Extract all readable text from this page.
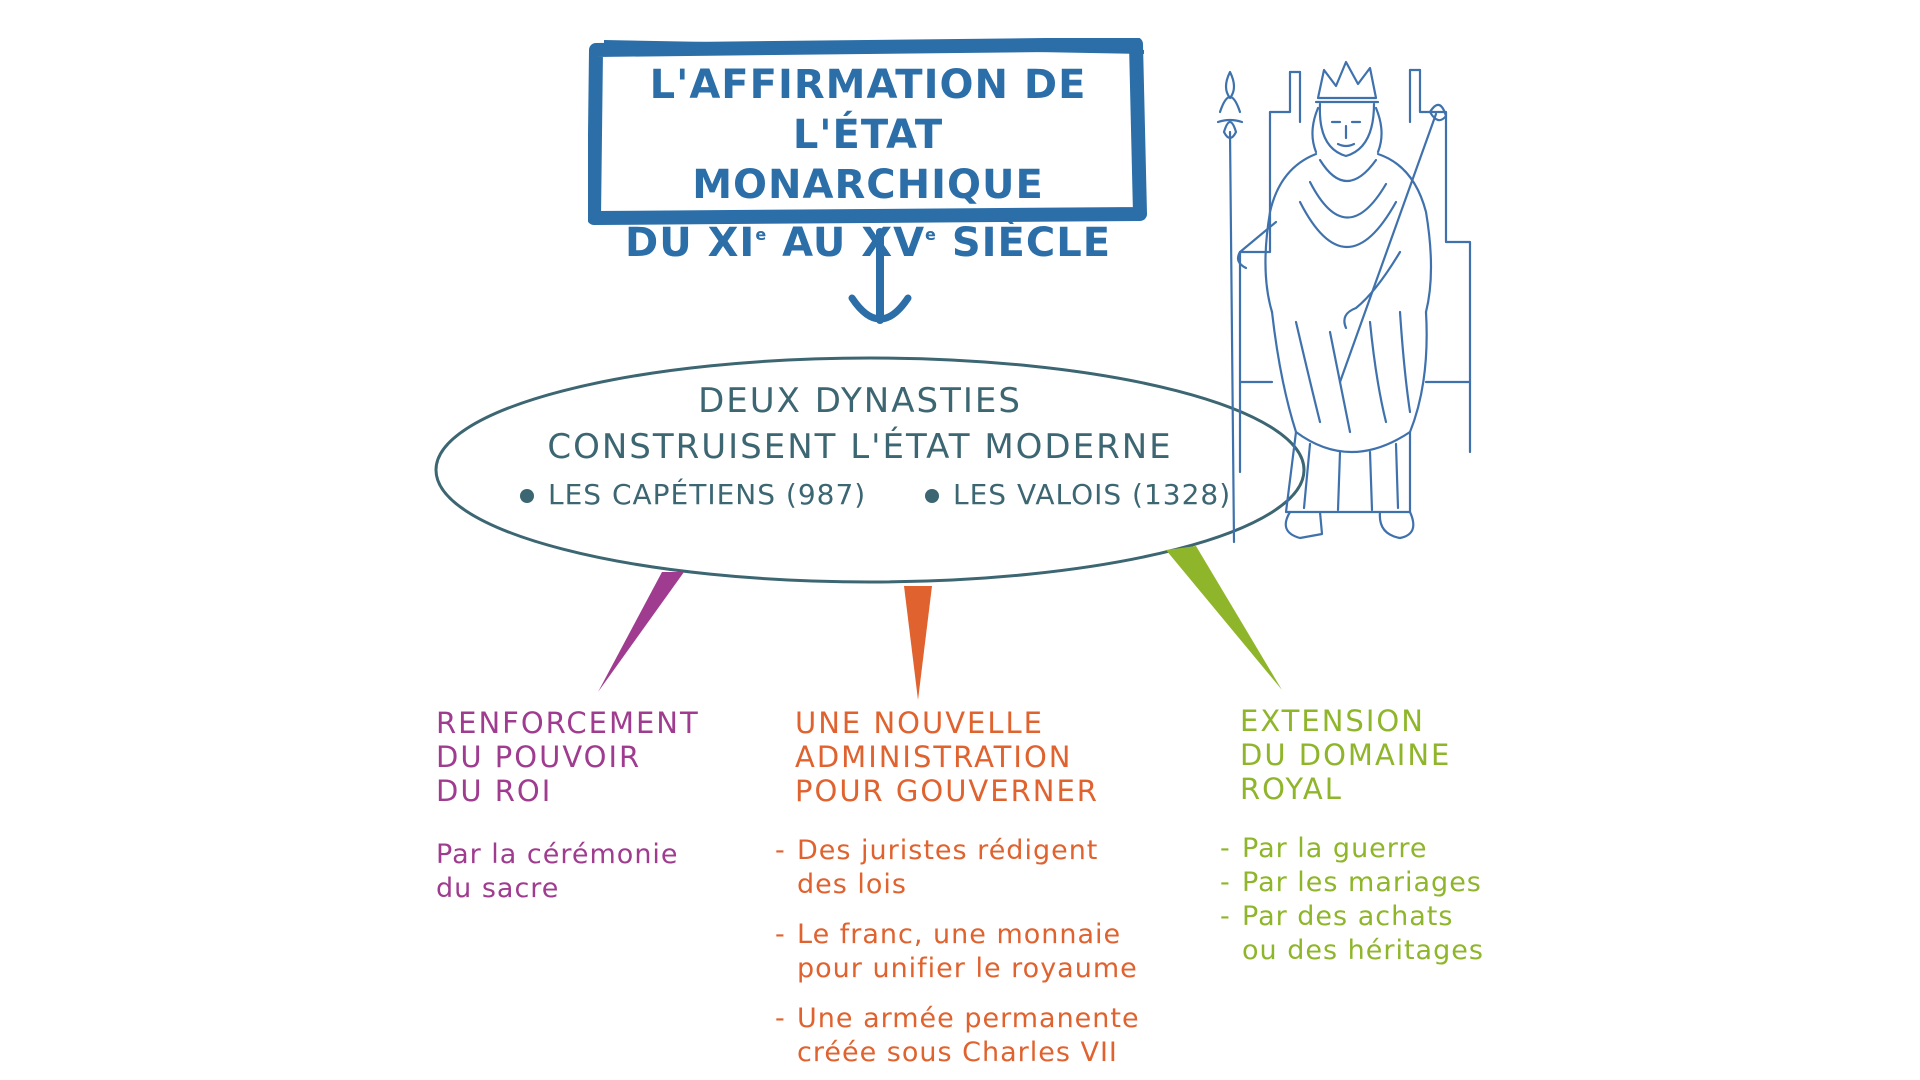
L'AFFIRMATION DE L'ÉTAT
MONARCHIQUE
DU XIe AU XVe SIÈCLE
DEUX DYNASTIES
CONSTRUISENT L'ÉTAT MODERNE
LES CAPÉTIENS (987)	LES VALOIS (1328)
RENFORCEMENT
DU POUVOIR
DU ROI
Par la cérémonie
du sacre
UNE NOUVELLE
ADMINISTRATION
POUR GOUVERNER
- Des juristes rédigent
des lois
- Le franc, une monnaie
pour unifier le royaume
- Une armée permanente
créée sous Charles VII
EXTENSION
DU DOMAINE
ROYAL
- Par la guerre
- Par les mariages
- Par des achats
ou des héritages
